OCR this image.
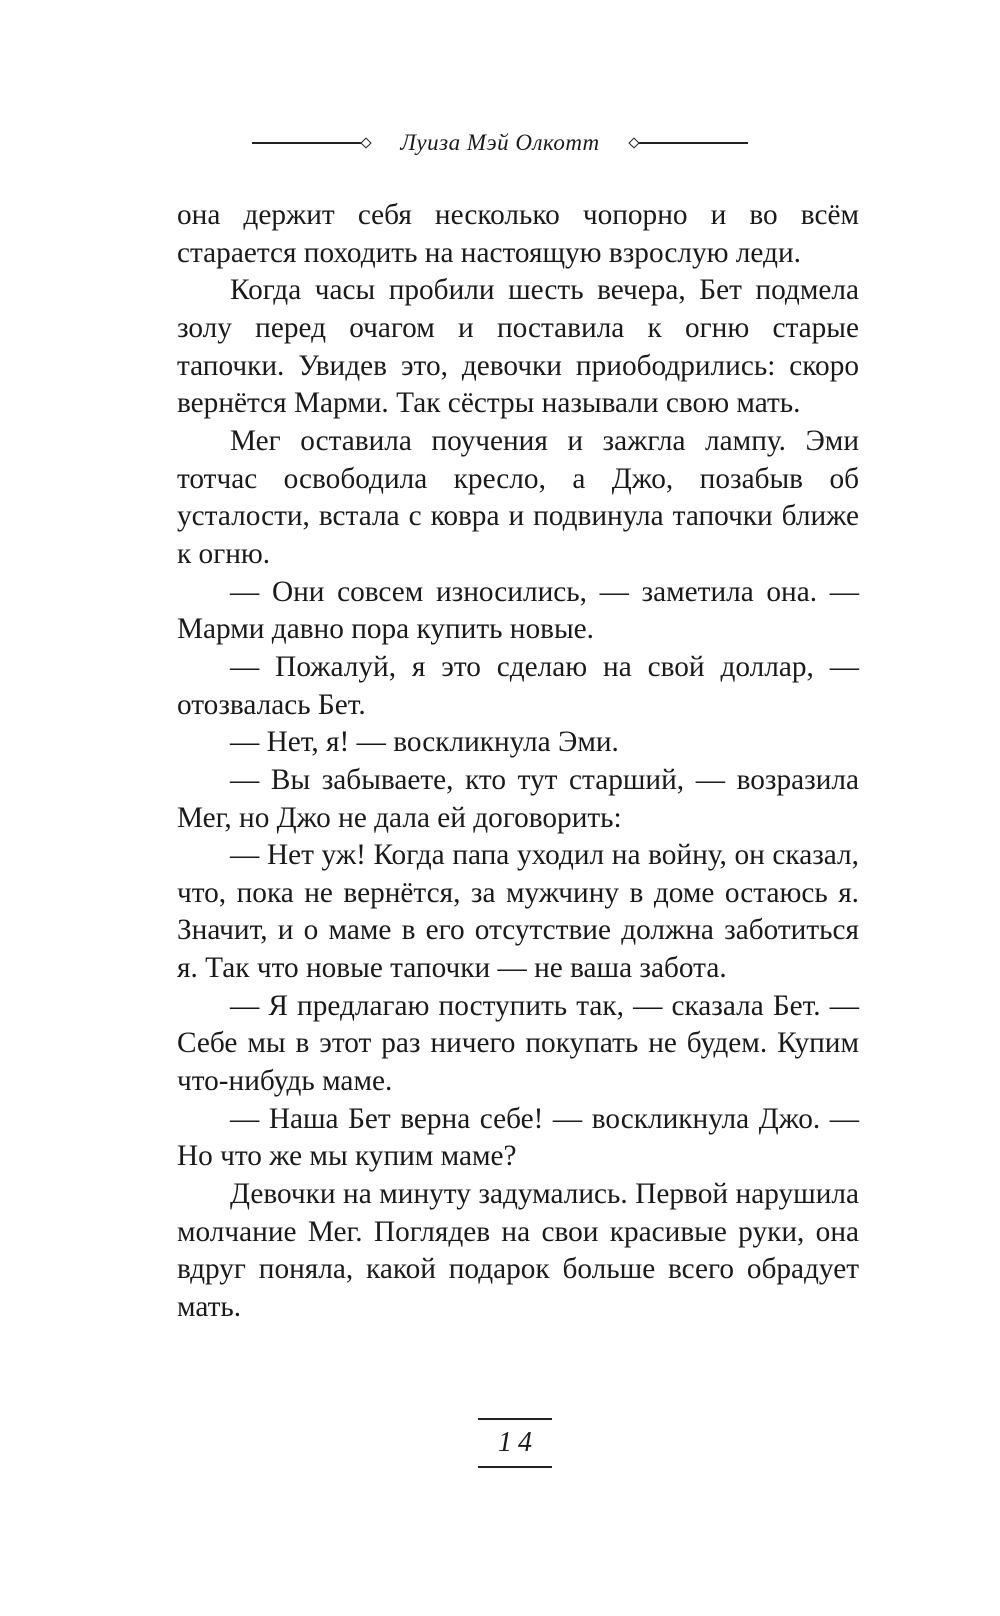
Луиза Мэй Олкотт

она держит себя несколько чопорно и во всём старается походить на настоящую взрослую леди.

Когда часы пробили шесть вечера, Бет подмела золу перед очагом и поставила к огню старые тапочки. Увидев это, девочки приободрились: скоро вернётся Марми. Так сёстры называли свою мать.

Мег оставила поучения и зажгла лампу. Эми тотчас освободила кресло, а Джо, позабыв об усталости, встала с ковра и подвинула тапочки ближе к огню.

— Они совсем износились, — заметила она. — Марми давно пора купить новые.

— Пожалуй, я это сделаю на свой доллар, — отозвалась Бет.

— Нет, я! — воскликнула Эми.

— Вы забываете, кто тут старший, — возразила Мег, но Джо не дала ей договорить:

— Нет уж! Когда папа уходил на войну, он сказал, что, пока не вернётся, за мужчину в доме остаюсь я. Значит, и о маме в его отсутствие должна заботиться я. Так что новые тапочки — не ваша забота.

— Я предлагаю поступить так, — сказала Бет. — Себе мы в этот раз ничего покупать не будем. Купим что-нибудь маме.

— Наша Бет верна себе! — воскликнула Джо. — Но что же мы купим маме?

Девочки на минуту задумались. Первой нарушила молчание Мег. Поглядев на свои красивые руки, она вдруг поняла, какой подарок больше всего обрадует мать.

14
